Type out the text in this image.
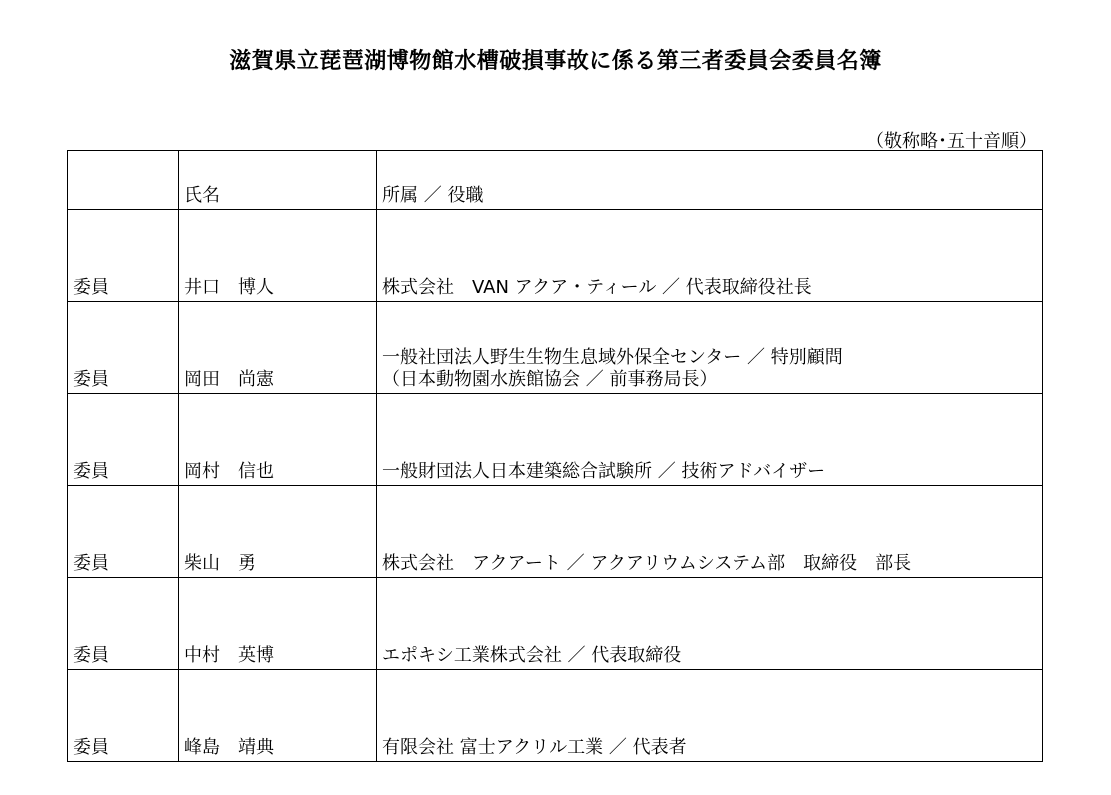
滋賀県立琵琶湖博物館水槽破損事故に係る第三者委員会委員名簿
（敬称略･五十音順）
	氏名	所属 ／ 役職
委員	井口　博人	株式会社　VAN アクア・ティール ／ 代表取締役社長

委員	岡田　尚憲	一般社団法人野生生物生息域外保全センター ／ 特別顧問
（日本動物園水族館協会 ／ 前事務局長）

委員	岡村　信也	一般財団法人日本建築総合試験所 ／ 技術アドバイザー

委員	柴山　勇	株式会社　アクアート ／ アクアリウムシステム部　取締役　部長

委員	中村　英博	エポキシ工業株式会社 ／ 代表取締役

委員	峰島　靖典	有限会社 富士アクリル工業 ／ 代表者
